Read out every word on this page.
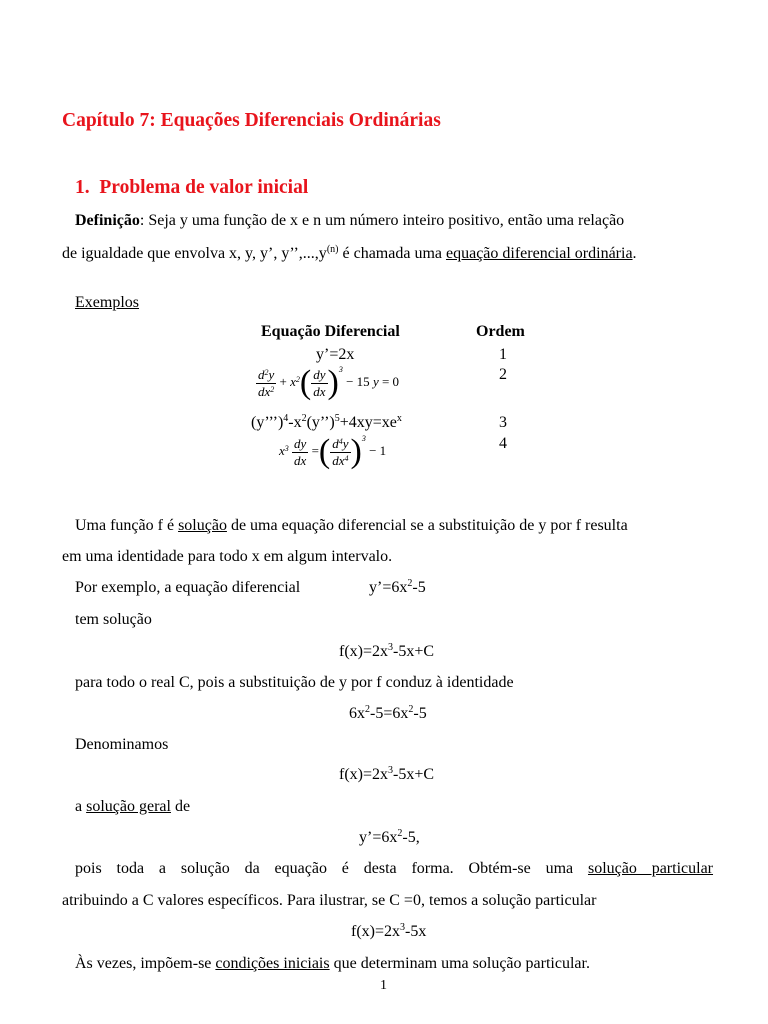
Capítulo 7: Equações Diferenciais Ordinárias
1. Problema de valor inicial
Definição: Seja y uma função de x e n um número inteiro positivo, então uma relação
de igualdade que envolva x, y, y’, $y’’,...,y^{(n)}$ é chamada uma equação diferencial ordinária.
Exemplos
Equação Diferencial	Ordem
y’=2x
$\frac{d^2y}{dx^2} + x^2( \frac{dy}{dx} )^3 - 15$ y = 0
$(y’’’)^4-x^2(y’’)^5+4xy=xe^x$
$x^3 \frac{dy}{dx}$ =( $\frac{d^4y}{dx^4} )^3 - 1$
1
2
3
4
Uma função f é solução de uma equação diferencial se a substituição de y por f resulta
em uma identidade para todo x em algum intervalo.
Por exemplo, a equação diferencial	$y’=6x^2-5$
tem solução
$f(x)=2x^3-5x+C$
para todo o real C, pois a substituição de y por f conduz à identidade
$6x^2-5=6x^2-5$
Denominamos
$f(x)=2x^3-5x+C$
a solução geral de
$y’=6x^2-5$,
pois toda a solução da equação é desta forma. Obtém-se uma solução particular
atribuindo a C valores específicos. Para ilustrar, se C =0, temos a solução particular
$f(x)=2x^3-5x$
Às vezes, impõem-se condições iniciais que determinam uma solução particular.
1
